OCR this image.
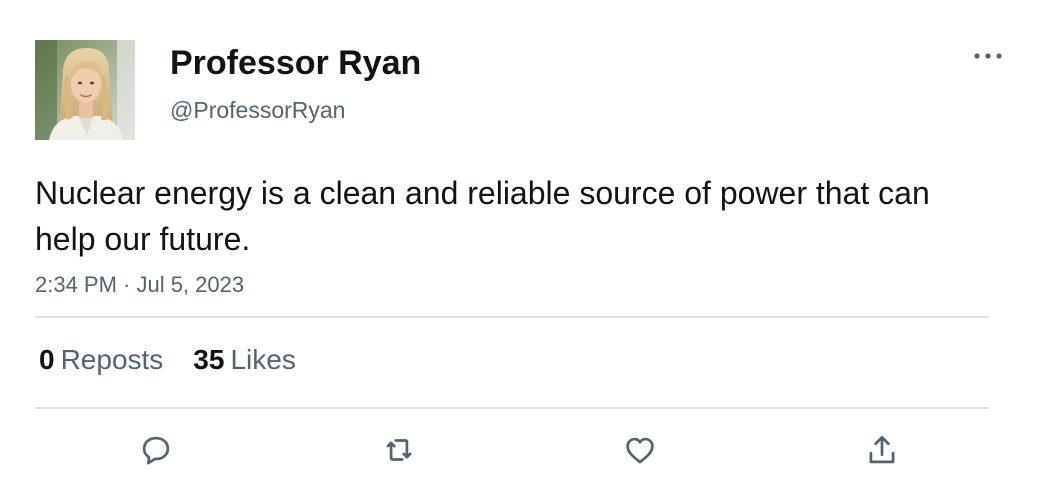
Professor Ryan
@ProfessorRyan
Nuclear energy is a clean and reliable source of power that can help our future.
2:34 PM · Jul 5, 2023
0 Reposts 35 Likes
